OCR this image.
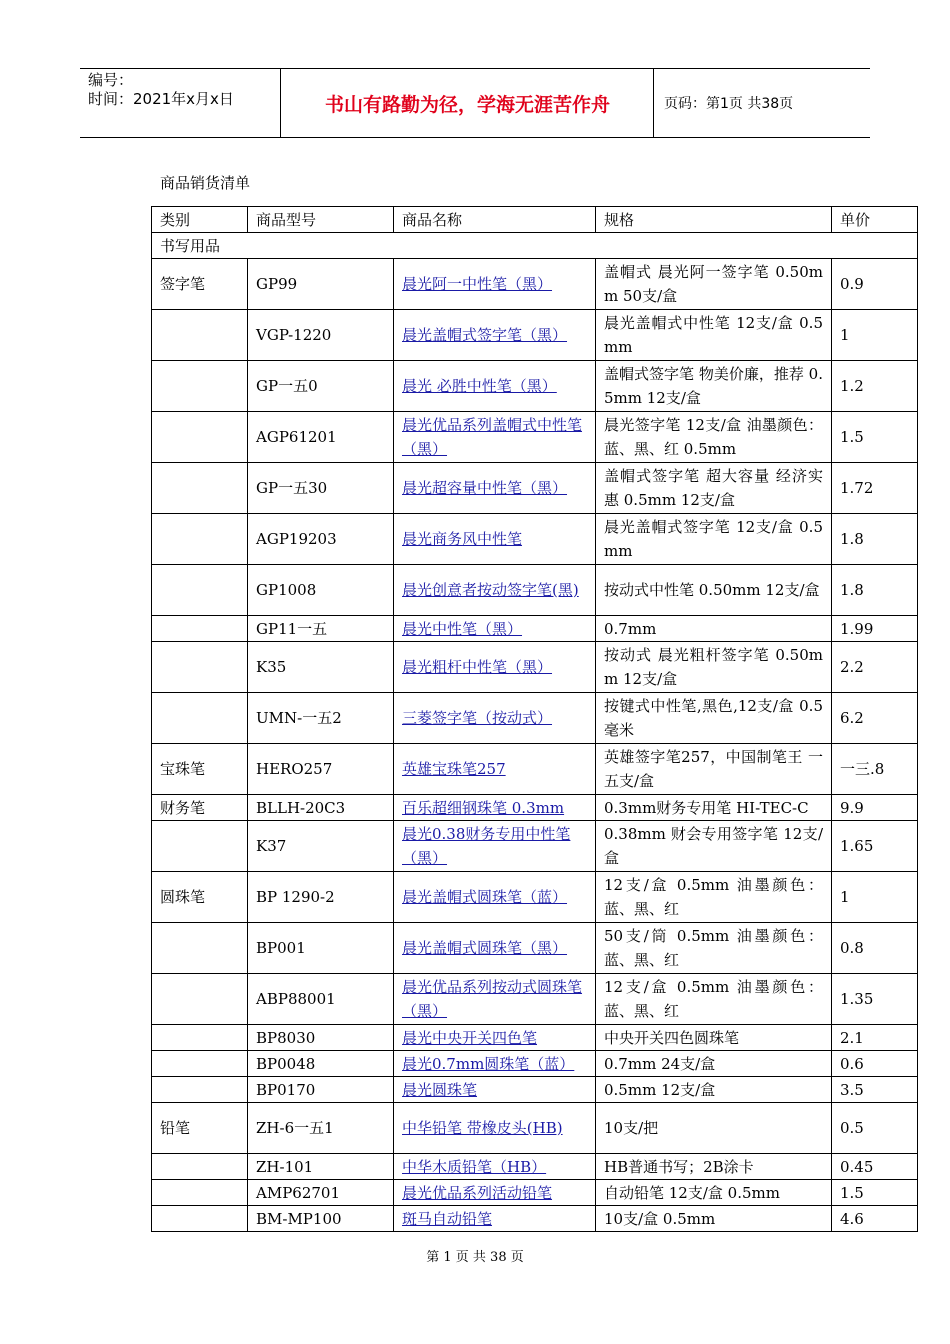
编号：
时间：2021年x月x日	书山有路勤为径，学海无涯苦作舟	页码：第1页 共38页
商品销货清单
类别	商品型号	商品名称	规格	单价
书写用品				
签字笔	GP99	晨光阿一中性笔（黑）	盖帽式 晨光阿一签字笔 0.50mm 50支/盒	0.9
	VGP-1220	晨光盖帽式签字笔（黑）	晨光盖帽式中性笔 12支/盒 0.5mm	1
	GP一五0	晨光 必胜中性笔（黑）	盖帽式签字笔 物美价廉，推荐 0.5mm 12支/盒	1.2
	AGP61201	晨光优品系列盖帽式中性笔（黑）	晨光签字笔 12支/盒 油墨颜色：蓝、黑、红 0.5mm	1.5
	GP一五30	晨光超容量中性笔（黑）	盖帽式签字笔 超大容量 经济实惠 0.5mm 12支/盒	1.72
	AGP19203	晨光商务风中性笔	晨光盖帽式签字笔 12支/盒 0.5mm	1.8
	GP1008	晨光创意者按动签字笔(黑)	按动式中性笔 0.50mm 12支/盒	1.8
	GP11一五	晨光中性笔（黑）	0.7mm	1.99
	K35	晨光粗杆中性笔（黑）	按动式 晨光粗杆签字笔 0.50mm 12支/盒	2.2
	UMN-一五2	三菱签字笔（按动式）	按键式中性笔,黑色,12支/盒 0.5毫米	6.2
宝珠笔	HERO257	英雄宝珠笔257	英雄签字笔257，中国制笔王 一五支/盒	一三.8
财务笔	BLLH-20C3	百乐超细钢珠笔 0.3mm	0.3mm财务专用笔 HI-TEC-C	9.9
	K37	晨光0.38财务专用中性笔（黑）	0.38mm 财会专用签字笔 12支/盒	1.65
圆珠笔	BP 1290-2	晨光盖帽式圆珠笔（蓝）	12支/盒 0.5mm 油墨颜色：蓝、黑、红	1
	BP001	晨光盖帽式圆珠笔（黑）	50支/筒 0.5mm 油墨颜色：蓝、黑、红	0.8
	ABP88001	晨光优品系列按动式圆珠笔（黑）	12支/盒 0.5mm 油墨颜色：蓝、黑、红	1.35
	BP8030	晨光中央开关四色笔	中央开关四色圆珠笔	2.1
	BP0048	晨光0.7mm圆珠笔（蓝）	0.7mm 24支/盒	0.6
	BP0170	晨光圆珠笔	0.5mm 12支/盒	3.5
铅笔	ZH-6一五1	中华铅笔 带橡皮头(HB)	10支/把	0.5
	ZH-101	中华木质铅笔（HB）	HB普通书写；2B涂卡	0.45
	AMP62701	晨光优品系列活动铅笔	自动铅笔 12支/盒 0.5mm	1.5
	BM-MP100	斑马自动铅笔	10支/盒 0.5mm	4.6
第 1 页 共 38 页
